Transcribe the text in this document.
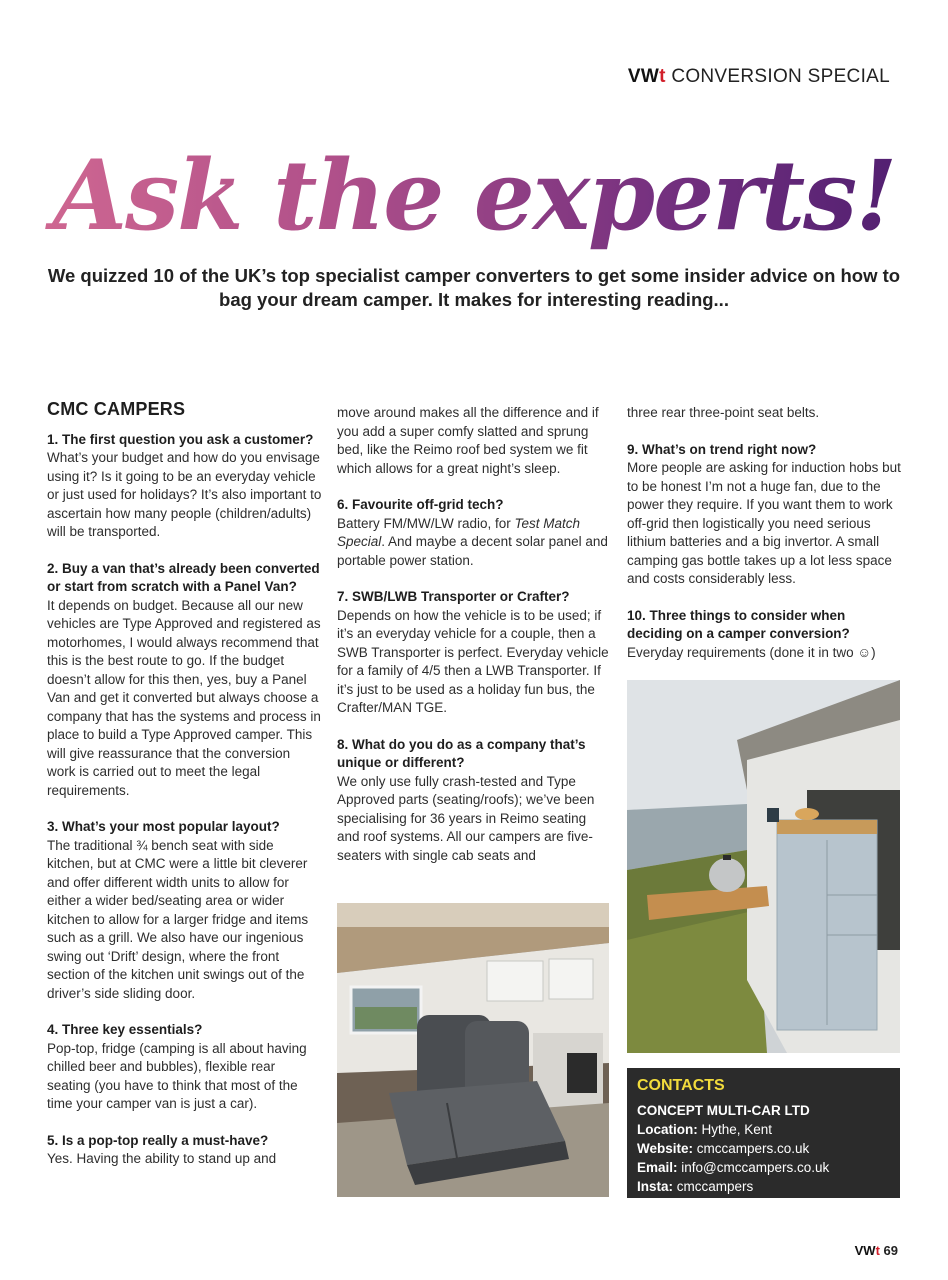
VWt CONVERSION SPECIAL
Ask the experts!
We quizzed 10 of the UK’s top specialist camper converters to get some insider advice on how to bag your dream camper. It makes for interesting reading...
CMC CAMPERS
1. The first question you ask a customer?
What’s your budget and how do you envisage using it? Is it going to be an everyday vehicle or just used for holidays? It’s also important to ascertain how many people (children/adults) will be transported.
2. Buy a van that’s already been converted or start from scratch with a Panel Van?
It depends on budget. Because all our new vehicles are Type Approved and registered as motorhomes, I would always recommend that this is the best route to go. If the budget doesn’t allow for this then, yes, buy a Panel Van and get it converted but always choose a company that has the systems and process in place to build a Type Approved camper. This will give reassurance that the conversion work is carried out to meet the legal requirements.
3. What’s your most popular layout?
The traditional ¾ bench seat with side kitchen, but at CMC were a little bit cleverer and offer different width units to allow for either a wider bed/seating area or wider kitchen to allow for a larger fridge and items such as a grill. We also have our ingenious swing out ‘Drift’ design, where the front section of the kitchen unit swings out of the driver’s side sliding door.
4. Three key essentials?
Pop-top, fridge (camping is all about having chilled beer and bubbles), flexible rear seating (you have to think that most of the time your camper van is just a car).
5. Is a pop-top really a must-have?
Yes. Having the ability to stand up and
move around makes all the difference and if you add a super comfy slatted and sprung bed, like the Reimo roof bed system we fit which allows for a great night’s sleep.
6. Favourite off-grid tech?
Battery FM/MW/LW radio, for Test Match Special. And maybe a decent solar panel and portable power station.
7. SWB/LWB Transporter or Crafter?
Depends on how the vehicle is to be used; if it’s an everyday vehicle for a couple, then a SWB Transporter is perfect. Everyday vehicle for a family of 4/5 then a LWB Transporter. If it’s just to be used as a holiday fun bus, the Crafter/MAN TGE.
8. What do you do as a company that’s unique or different?
We only use fully crash-tested and Type Approved parts (seating/roofs); we’ve been specialising for 36 years in Reimo seating and roof systems. All our campers are five-seaters with single cab seats and
three rear three-point seat belts.
9. What’s on trend right now?
More people are asking for induction hobs but to be honest I’m not a huge fan, due to the power they require. If you want them to work off-grid then logistically you need serious lithium batteries and a big invertor. A small camping gas bottle takes up a lot less space and costs considerably less.
10. Three things to consider when deciding on a camper conversion?
Everyday requirements (done it in two ☺)
CONTACTS
CONCEPT MULTI-CAR LTD
Location: Hythe, Kent
Website: cmccampers.co.uk
Email: info@cmccampers.co.uk
Insta: cmccampers
VWt 69
